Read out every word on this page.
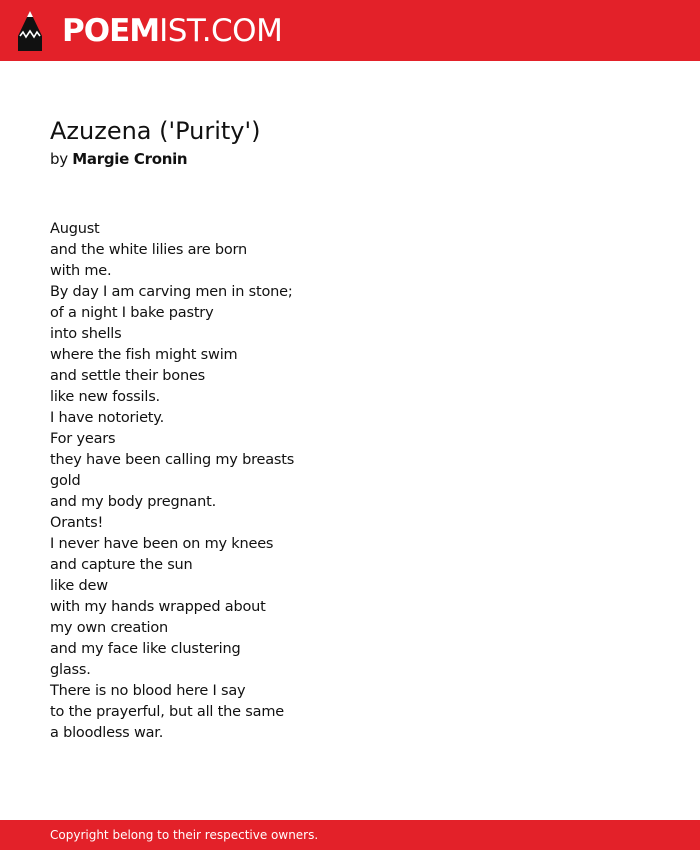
POEMIST.COM
Azuzena ('Purity')
by Margie Cronin
August
and the white lilies are born
with me.
By day I am carving men in stone;
of a night I bake pastry
into shells
where the fish might swim
and settle their bones
like new fossils.
I have notoriety.
For years
they have been calling my breasts
gold
and my body pregnant.
Orants!
I never have been on my knees
and capture the sun
like dew
with my hands wrapped about
my own creation
and my face like clustering
glass.
There is no blood here I say
to the prayerful, but all the same
a bloodless war.
Copyright belong to their respective owners.
